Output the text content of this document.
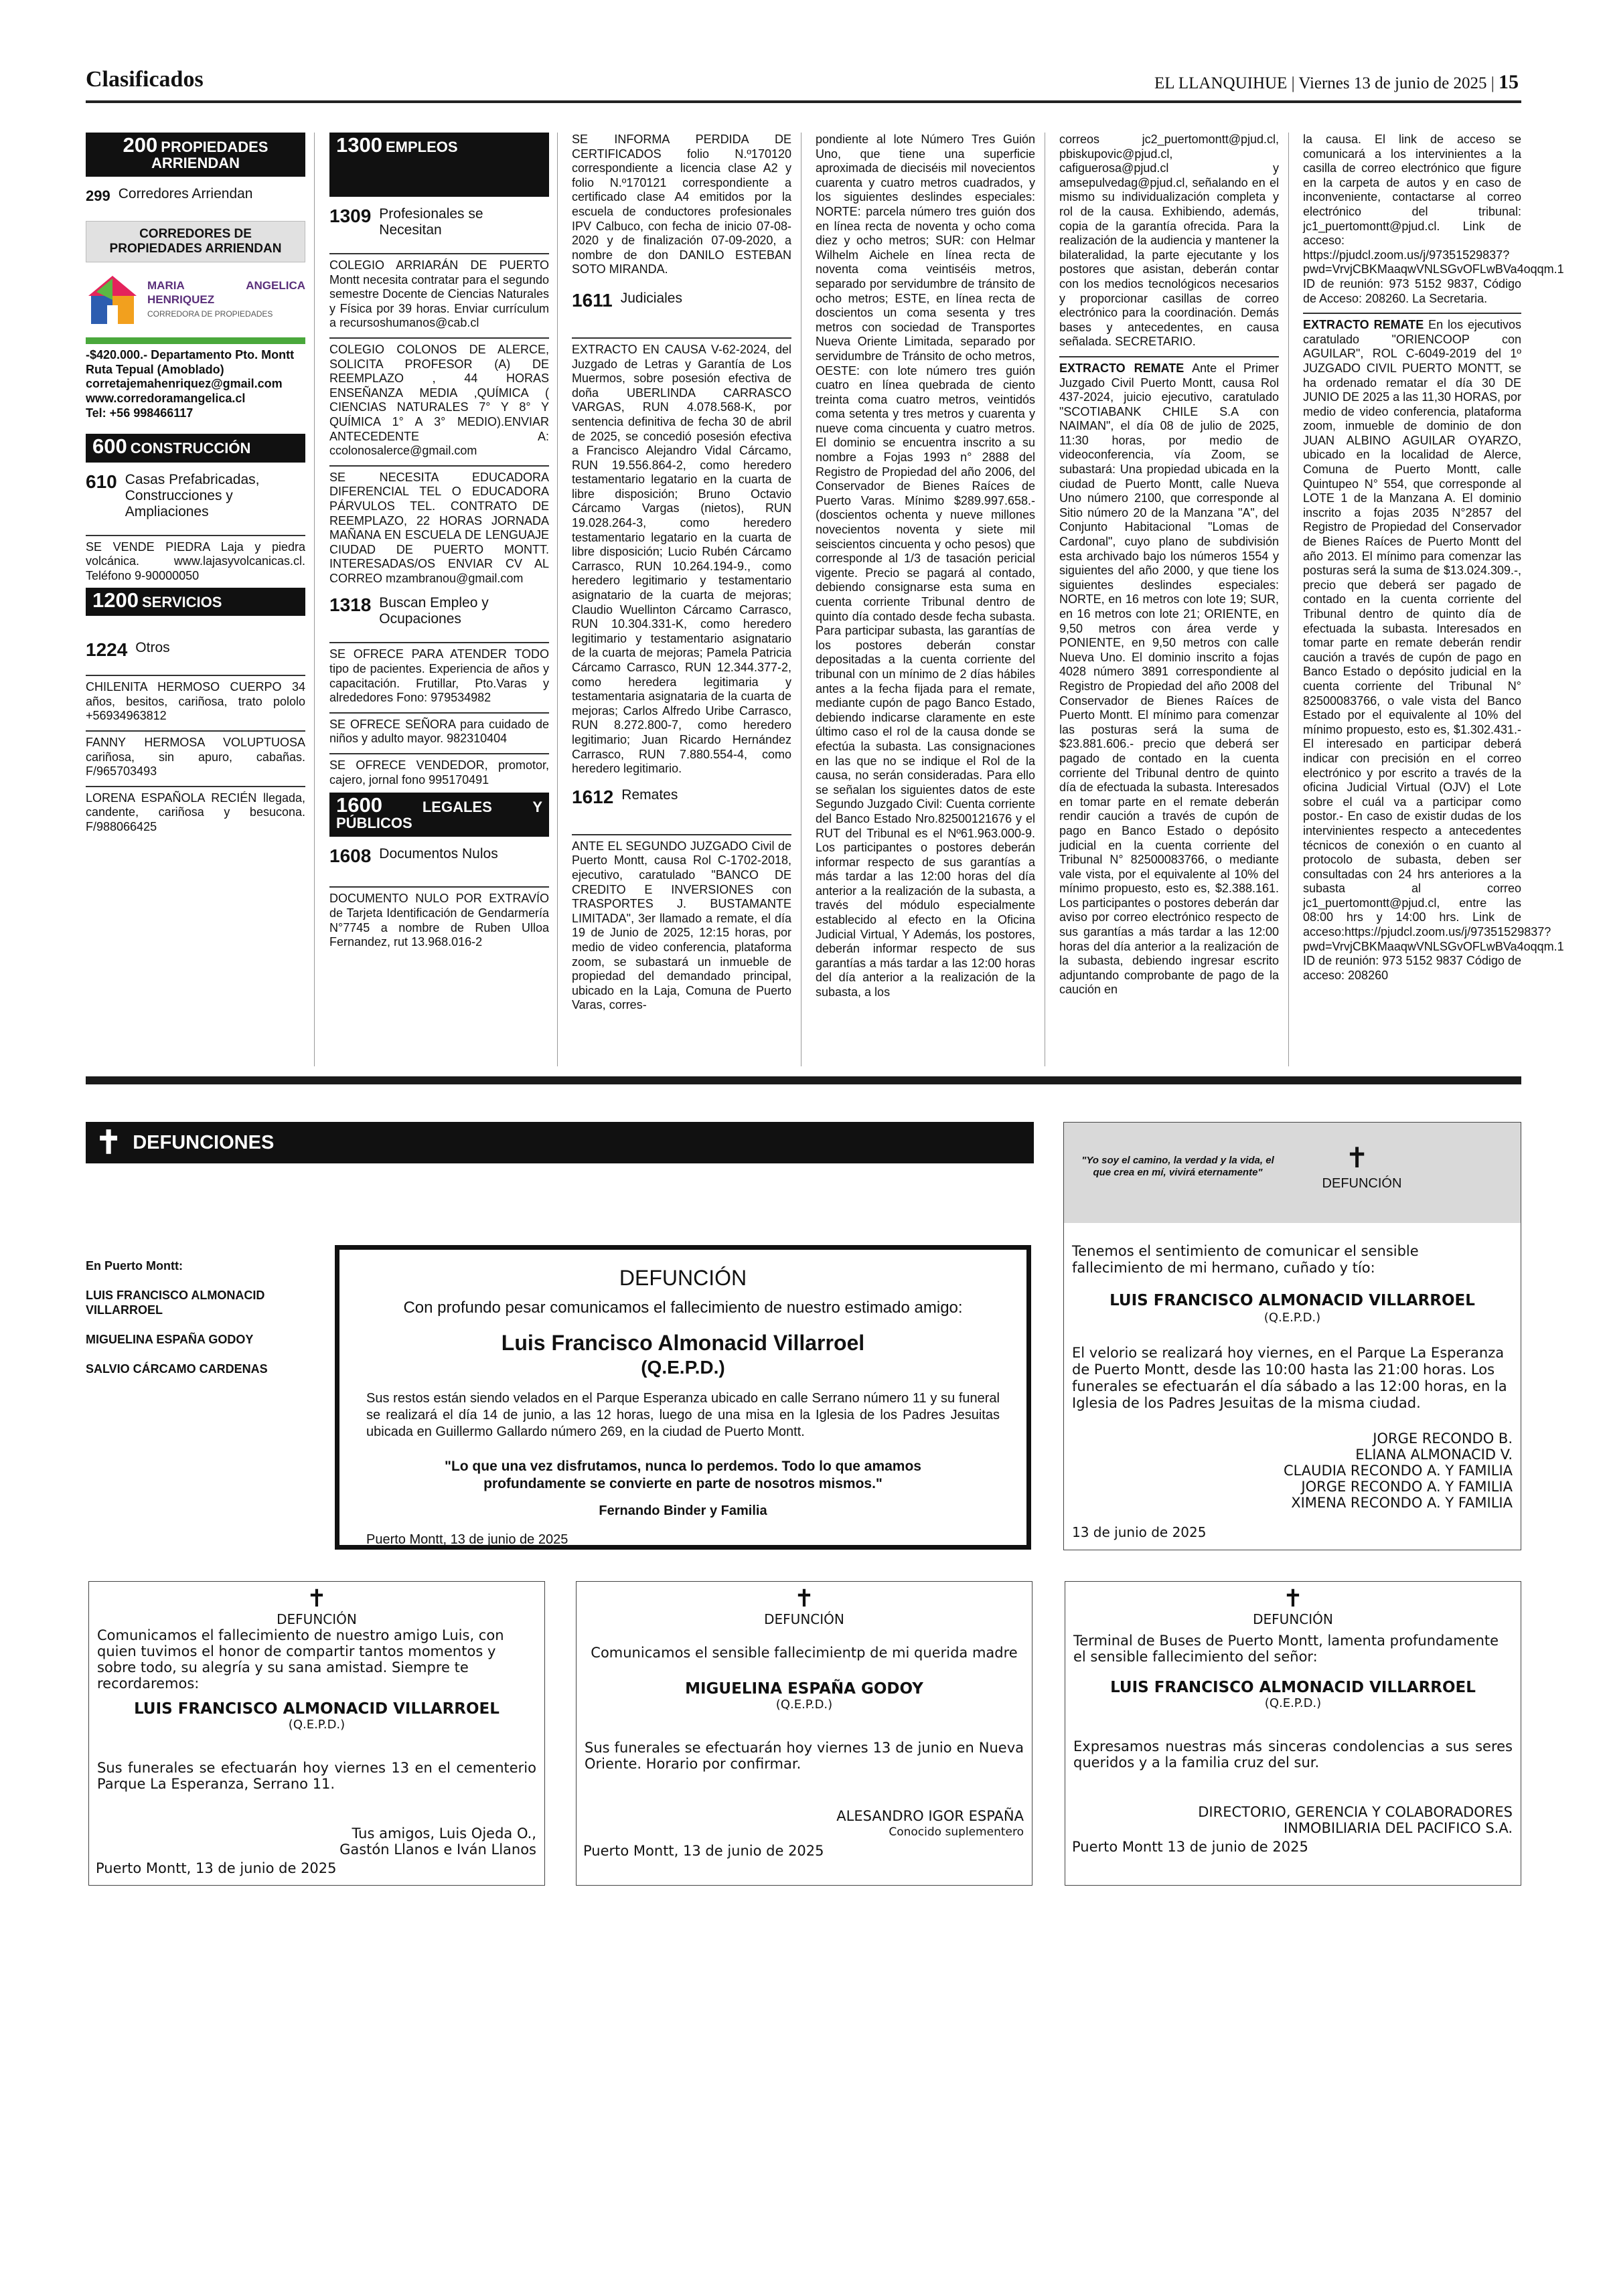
Clasificados	EL LLANQUIHUE | Viernes 13 de junio de 2025 | 15
200 PROPIEDADES ARRIENDAN
299 Corredores Arriendan
CORREDORES DE PROPIEDADES ARRIENDAN
MARIA ANGELICA HENRIQUEZ
CORREDORA DE PROPIEDADES

-$420.000.- Departamento Pto. Montt Ruta Tepual (Amoblado)

corretajemahenriquez@gmail.com

www.corredoramangelica.cl

Tel: +56 998466117

600 CONSTRUCCIÓN
610 Casas Prefabricadas, Construcciones y Ampliaciones
SE VENDE PIEDRA Laja y piedra volcánica. www.lajasyvolcanicas.cl. Teléfono 9-90000050
1200 SERVICIOS
1224 Otros
CHILENITA HERMOSO CUERPO 34 años, besitos, cariñosa, trato pololo +56934963812
FANNY HERMOSA VOLUPTUOSA cariñosa, sin apuro, cabañas. F/965703493
LORENA ESPAÑOLA RECIÉN llegada, candente, cariñosa y besucona. F/988066425
1300 EMPLEOS
1309 Profesionales se Necesitan
COLEGIO ARRIARÁN DE PUERTO Montt necesita contratar para el segundo semestre Docente de Ciencias Naturales y Física por 39 horas. Enviar currículum a recursoshumanos@cab.cl
COLEGIO COLONOS DE ALERCE, SOLICITA PROFESOR (A) DE REEMPLAZO , 44 HORAS ENSEÑANZA MEDIA ,QUÍMICA ( CIENCIAS NATURALES 7° Y 8° Y QUÍMICA 1° A 3° MEDIO).ENVIAR ANTECEDENTE A: ccolonosalerce@gmail.com
SE NECESITA EDUCADORA DIFERENCIAL TEL O EDUCADORA PÁRVULOS TEL. CONTRATO DE REEMPLAZO, 22 HORAS JORNADA MAÑANA EN ESCUELA DE LENGUAJE CIUDAD DE PUERTO MONTT. INTERESADAS/OS ENVIAR CV AL CORREO mzambranou@gmail.com
1318 Buscan Empleo y Ocupaciones
SE OFRECE PARA ATENDER TODO tipo de pacientes. Experiencia de años y capacitación. Frutillar, Pto.Varas y alrededores Fono: 979534982
SE OFRECE SEÑORA para cuidado de niños y adulto mayor. 982310404
SE OFRECE VENDEDOR, promotor, cajero, jornal fono 995170491
1600	LEGALES Y PÚBLICOS
1608 Documentos Nulos
DOCUMENTO NULO POR EXTRAVÍO de Tarjeta Identificación de Gendarmería N°7745 a nombre de Ruben Ulloa Fernandez, rut 13.968.016-2

SE INFORMA PERDIDA DE CERTIFICADOS folio N.º170120 correspondiente a licencia clase A2 y folio N.º170121 correspondiente a certificado clase A4 emitidos por la escuela de conductores profesionales IPV Calbuco, con fecha de inicio 07-08-2020 y de finalización 07-09-2020, a nombre de don DANILO ESTEBAN SOTO MIRANDA.

1611 Judiciales
EXTRACTO EN CAUSA V-62-2024, del Juzgado de Letras y Garantía de Los Muermos, sobre posesión efectiva de doña UBERLINDA CARRASCO VARGAS, RUN 4.078.568-K, por sentencia definitiva de fecha 30 de abril de 2025, se concedió posesión efectiva a Francisco Alejandro Vidal Cárcamo, RUN 19.556.864-2, como heredero testamentario legatario en la cuarta de libre disposición; Bruno Octavio Cárcamo Vargas (nietos), RUN 19.028.264-3, como heredero testamentario legatario en la cuarta de libre disposición; Lucio Rubén Cárcamo Carrasco, RUN 10.264.194-9., como heredero legitimario y testamentario asignatario de la cuarta de mejoras; Claudio Wuellinton Cárcamo Carrasco, RUN 10.304.331-K, como heredero legitimario y testamentario asignatario de la cuarta de mejoras; Pamela Patricia Cárcamo Carrasco, RUN 12.344.377-2, como heredera legitimaria y testamentaria asignataria de la cuarta de mejoras; Carlos Alfredo Uribe Carrasco, RUN 8.272.800-7, como heredero legitimario; Juan Ricardo Hernández Carrasco, RUN 7.880.554-4, como heredero legitimario.
1612 Remates
ANTE EL SEGUNDO JUZGADO Civil de Puerto Montt, causa Rol C-1702-2018, ejecutivo, caratulado "BANCO DE CREDITO E INVERSIONES con TRASPORTES J. BUSTAMANTE LIMITADA", 3er llamado a remate, el día 19 de Junio de 2025, 12:15 horas, por medio de video conferencia, plataforma zoom, se subastará un inmueble de propiedad del demandado principal, ubicado en la Laja, Comuna de Puerto Varas, corres-

pondiente al lote Número Tres Guión Uno, que tiene una superficie aproximada de dieciséis mil novecientos cuarenta y cuatro metros cuadrados, y los siguientes deslindes especiales: NORTE: parcela número tres guión dos en línea recta de noventa y ocho coma diez y ocho metros; SUR: con Helmar Wilhelm Aichele en línea recta de noventa coma veintiséis metros, separado por servidumbre de tránsito de ocho metros; ESTE, en línea recta de doscientos un coma sesenta y tres metros con sociedad de Transportes Nueva Oriente Limitada, separado por servidumbre de Tránsito de ocho metros, OESTE: con lote número tres guión cuatro en línea quebrada de ciento treinta coma cuatro metros, veintidós coma setenta y tres metros y cuarenta y nueve coma cincuenta y cuatro metros. El dominio se encuentra inscrito a su nombre a Fojas 1993 n° 2888 del Registro de Propiedad del año 2006, del Conservador de Bienes Raíces de Puerto Varas. Mínimo $289.997.658.- (doscientos ochenta y nueve millones novecientos noventa y siete mil seiscientos cincuenta y ocho pesos) que corresponde al 1/3 de tasación pericial vigente. Precio se pagará al contado, debiendo consignarse esta suma en cuenta corriente Tribunal dentro de quinto día contado desde fecha subasta. Para participar subasta, las garantías de los postores deberán constar depositadas a la cuenta corriente del tribunal con un mínimo de 2 días hábiles antes a la fecha fijada para el remate, mediante cupón de pago Banco Estado, debiendo indicarse claramente en este último caso el rol de la causa donde se efectúa la subasta. Las consignaciones en las que no se indique el Rol de la causa, no serán consideradas. Para ello se señalan los siguientes datos de este Segundo Juzgado Civil: Cuenta corriente del Banco Estado Nro.82500121676 y el RUT del Tribunal es el Nº61.963.000-9. Los participantes o postores deberán informar respecto de sus garantías a más tardar a las 12:00 horas del día anterior a la realización de la subasta, a través del módulo especialmente establecido al efecto en la Oficina Judicial Virtual, Y Además, los postores, deberán informar respecto de sus garantías a más tardar a las 12:00 horas del día anterior a la realización de la subasta, a los

correos jc2_puertomontt@pjud.cl, pbiskupovic@pjud.cl, cafiguerosa@pjud.cl y amsepulvedag@pjud.cl, señalando en el mismo su individualización completa y rol de la causa. Exhibiendo, además, copia de la garantía ofrecida. Para la realización de la audiencia y mantener la bilateralidad, la parte ejecutante y los postores que asistan, deberán contar con los medios tecnológicos necesarios y proporcionar casillas de correo electrónico para la coordinación. Demás bases y antecedentes, en causa señalada. SECRETARIO.

EXTRACTO REMATE Ante el Primer Juzgado Civil Puerto Montt, causa Rol 437-2024, juicio ejecutivo, caratulado "SCOTIABANK CHILE S.A con NAIMAN", el día 08 de julio de 2025, 11:30 horas, por medio de videoconferencia, vía Zoom, se subastará: Una propiedad ubicada en la ciudad de Puerto Montt, calle Nueva Uno número 2100, que corresponde al Sitio número 20 de la Manzana "A", del Conjunto Habitacional "Lomas de Cardonal", cuyo plano de subdivisión esta archivado bajo los números 1554 y siguientes del año 2000, y que tiene los siguientes deslindes especiales: NORTE, en 16 metros con lote 19; SUR, en 16 metros con lote 21; ORIENTE, en 9,50 metros con área verde y PONIENTE, en 9,50 metros con calle Nueva Uno. El dominio inscrito a fojas 4028 número 3891 correspondiente al Registro de Propiedad del año 2008 del Conservador de Bienes Raíces de Puerto Montt. El mínimo para comenzar las posturas será la suma de $23.881.606.- precio que deberá ser pagado de contado en la cuenta corriente del Tribunal dentro de quinto día de efectuada la subasta. Interesados en tomar parte en el remate deberán rendir caución a través de cupón de pago en Banco Estado o depósito judicial en la cuenta corriente del Tribunal N° 82500083766, o mediante vale vista, por el equivalente al 10% del mínimo propuesto, esto es, $2.388.161. Los participantes o postores deberán dar aviso por correo electrónico respecto de sus garantías a más tardar a las 12:00 horas del día anterior a la realización de la subasta, debiendo ingresar escrito adjuntando comprobante de pago de la caución en

la causa. El link de acceso se comunicará a los intervinientes a la casilla de correo electrónico que figure en la carpeta de autos y en caso de inconveniente, contactarse al correo electrónico del tribunal: jc1_puertomontt@pjud.cl. Link de acceso: https://pjudcl.zoom.us/j/97351529837?pwd=VrvjCBKMaaqwVNLSGvOFLwBVa4oqqm.1 ID de reunión: 973 5152 9837, Código de Acceso: 208260. La Secretaria.

EXTRACTO REMATE En los ejecutivos caratulado "ORIENCOOP con AGUILAR", ROL C-6049-2019 del 1º JUZGADO CIVIL PUERTO MONTT, se ha ordenado rematar el día 30 DE JUNIO DE 2025 a las 11,30 HORAS, por medio de video conferencia, plataforma zoom, inmueble de dominio de don JUAN ALBINO AGUILAR OYARZO, ubicado en la localidad de Alerce, Comuna de Puerto Montt, calle Quintupeo N° 554, que corresponde al LOTE 1 de la Manzana A. El dominio inscrito a fojas 2035 N°2857 del Registro de Propiedad del Conservador de Bienes Raíces de Puerto Montt del año 2013. El mínimo para comenzar las posturas será la suma de $13.024.309.-, precio que deberá ser pagado de contado en la cuenta corriente del Tribunal dentro de quinto día de efectuada la subasta. Interesados en tomar parte en remate deberán rendir caución a través de cupón de pago en Banco Estado o depósito judicial en la cuenta corriente del Tribunal N° 82500083766, o vale vista del Banco Estado por el equivalente al 10% del mínimo propuesto, esto es, $1.302.431.- El interesado en participar deberá indicar con precisión en el correo electrónico y por escrito a través de la oficina Judicial Virtual (OJV) el Lote sobre el cuál va a participar como postor.- En caso de existir dudas de los intervinientes respecto a antecedentes técnicos de conexión o en cuanto al protocolo de subasta, deben ser consultadas con 24 hrs anteriores a la subasta al correo jc1_puertomontt@pjud.cl, entre las 08:00 hrs y 14:00 hrs. Link de acceso:https://pjudcl.zoom.us/j/97351529837?pwd=VrvjCBKMaaqwVNLSGvOFLwBVa4oqqm.1 ID de reunión: 973 5152 9837 Código de acceso: 208260
✝ DEFUNCIONES

En Puerto Montt:

LUIS FRANCISCO ALMONACID VILLARROEL

MIGUELINA ESPAÑA GODOY

SALVIO CÁRCAMO CARDENAS

DEFUNCIÓN
Con profundo pesar comunicamos el fallecimiento de nuestro estimado amigo:
Luis Francisco Almonacid Villarroel
(Q.E.P.D.)
Sus restos están siendo velados en el Parque Esperanza ubicado en calle Serrano número 11 y su funeral se realizará el día 14 de junio, a las 12 horas, luego de una misa en la Iglesia de los Padres Jesuitas ubicada en Guillermo Gallardo número 269, en la ciudad de Puerto Montt.
"Lo que una vez disfrutamos, nunca lo perdemos. Todo lo que amamos profundamente se convierte en parte de nosotros mismos."
Fernando Binder y Familia
Puerto Montt, 13 de junio de 2025
"Yo soy el camino, la verdad y la vida, el que crea en mí, vivirá eternamente"	✝
DEFUNCIÓN
Tenemos el sentimiento de comunicar el sensible fallecimiento de mi hermano, cuñado y tío:
LUIS FRANCISCO ALMONACID VILLARROEL
(Q.E.P.D.)
El velorio se realizará hoy viernes, en el Parque La Esperanza de Puerto Montt, desde las 10:00 hasta las 21:00 horas. Los funerales se efectuarán el día sábado a las 12:00 horas, en la Iglesia de los Padres Jesuitas de la misma ciudad.
JORGE RECONDO B.
ELIANA ALMONACID V.
CLAUDIA RECONDO A. Y FAMILIA
JORGE RECONDO A. Y FAMILIA
XIMENA RECONDO A. Y FAMILIA
13 de junio de 2025
✝
DEFUNCIÓN
Comunicamos el fallecimiento de nuestro amigo Luis, con quien tuvimos el honor de compartir tantos momentos y sobre todo, su alegría y su sana amistad. Siempre te recordaremos:
LUIS FRANCISCO ALMONACID VILLARROEL
(Q.E.P.D.)
Sus funerales se efectuarán hoy viernes 13 en el cementerio Parque La Esperanza, Serrano 11.
Tus amigos, Luis Ojeda O.,
Gastón Llanos e Iván Llanos
Puerto Montt, 13 de junio de 2025
✝
DEFUNCIÓN
Comunicamos el sensible fallecimientp de mi querida madre
MIGUELINA ESPAÑA GODOY
(Q.E.P.D.)
Sus funerales se efectuarán hoy viernes 13 de junio en Nueva Oriente. Horario por confirmar.
ALESANDRO IGOR ESPAÑA
Conocido suplementero
Puerto Montt, 13 de junio de 2025
✝
DEFUNCIÓN
Terminal de Buses de Puerto Montt, lamenta profundamente el sensible fallecimiento del señor:
LUIS FRANCISCO ALMONACID VILLARROEL
(Q.E.P.D.)
Expresamos nuestras más sinceras condolencias a sus seres queridos y a la familia cruz del sur.
DIRECTORIO, GERENCIA Y COLABORADORES
INMOBILIARIA DEL PACIFICO S.A.
Puerto Montt 13 de junio de 2025
